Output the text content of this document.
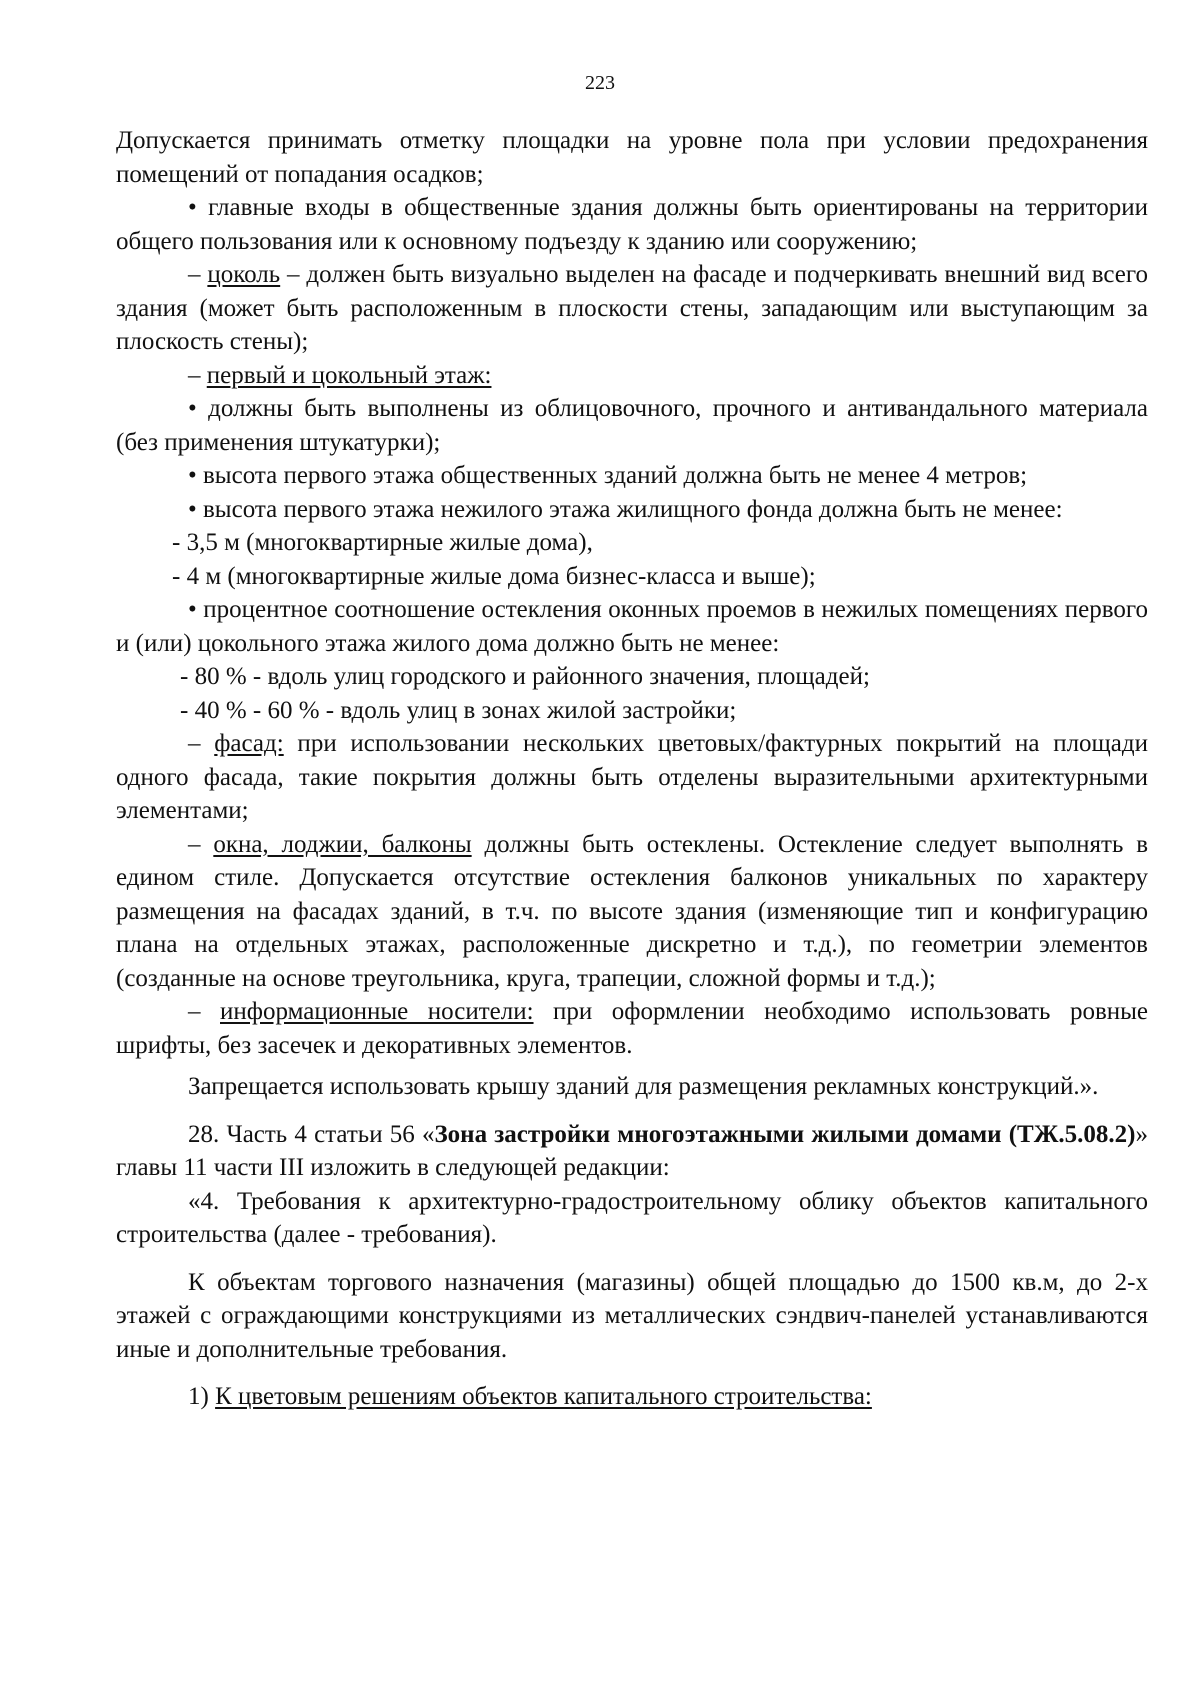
223

Допускается принимать отметку площадки на уровне пола при условии предохранения помещений от попадания осадков;

• главные входы в общественные здания должны быть ориентированы на территории общего пользования или к основному подъезду к зданию или сооружению;

– цоколь – должен быть визуально выделен на фасаде и подчеркивать внешний вид всего здания (может быть расположенным в плоскости стены, западающим или выступающим за плоскость стены);

– первый и цокольный этаж:

• должны быть выполнены из облицовочного, прочного и антивандального материала (без применения штукатурки);

• высота первого этажа общественных зданий должна быть не менее 4 метров;

• высота первого этажа нежилого этажа жилищного фонда должна быть не менее:

- 3,5 м (многоквартирные жилые дома),

- 4 м (многоквартирные жилые дома бизнес-класса и выше);

• процентное соотношение остекления оконных проемов в нежилых помещениях первого и (или) цокольного этажа жилого дома должно быть не менее:

- 80 % - вдоль улиц городского и районного значения, площадей;

- 40 % - 60 % - вдоль улиц в зонах жилой застройки;

– фасад: при использовании нескольких цветовых/фактурных покрытий на площади одного фасада, такие покрытия должны быть отделены выразительными архитектурными элементами;

– окна, лоджии, балконы должны быть остеклены. Остекление следует выполнять в едином стиле. Допускается отсутствие остекления балконов уникальных по характеру размещения на фасадах зданий, в т.ч. по высоте здания (изменяющие тип и конфигурацию плана на отдельных этажах, расположенные дискретно и т.д.), по геометрии элементов (созданные на основе треугольника, круга, трапеции, сложной формы и т.д.);

– информационные носители: при оформлении необходимо использовать ровные шрифты, без засечек и декоративных элементов.

Запрещается использовать крышу зданий для размещения рекламных конструкций.».

28. Часть 4 статьи 56 «Зона застройки многоэтажными жилыми домами (ТЖ.5.08.2)» главы 11 части III изложить в следующей редакции:

«4. Требования к архитектурно-градостроительному облику объектов капитального строительства (далее - требования).

К объектам торгового назначения (магазины) общей площадью до 1500 кв.м, до 2-х этажей с ограждающими конструкциями из металлических сэндвич-панелей устанавливаются иные и дополнительные требования.

1) К цветовым решениям объектов капитального строительства:
